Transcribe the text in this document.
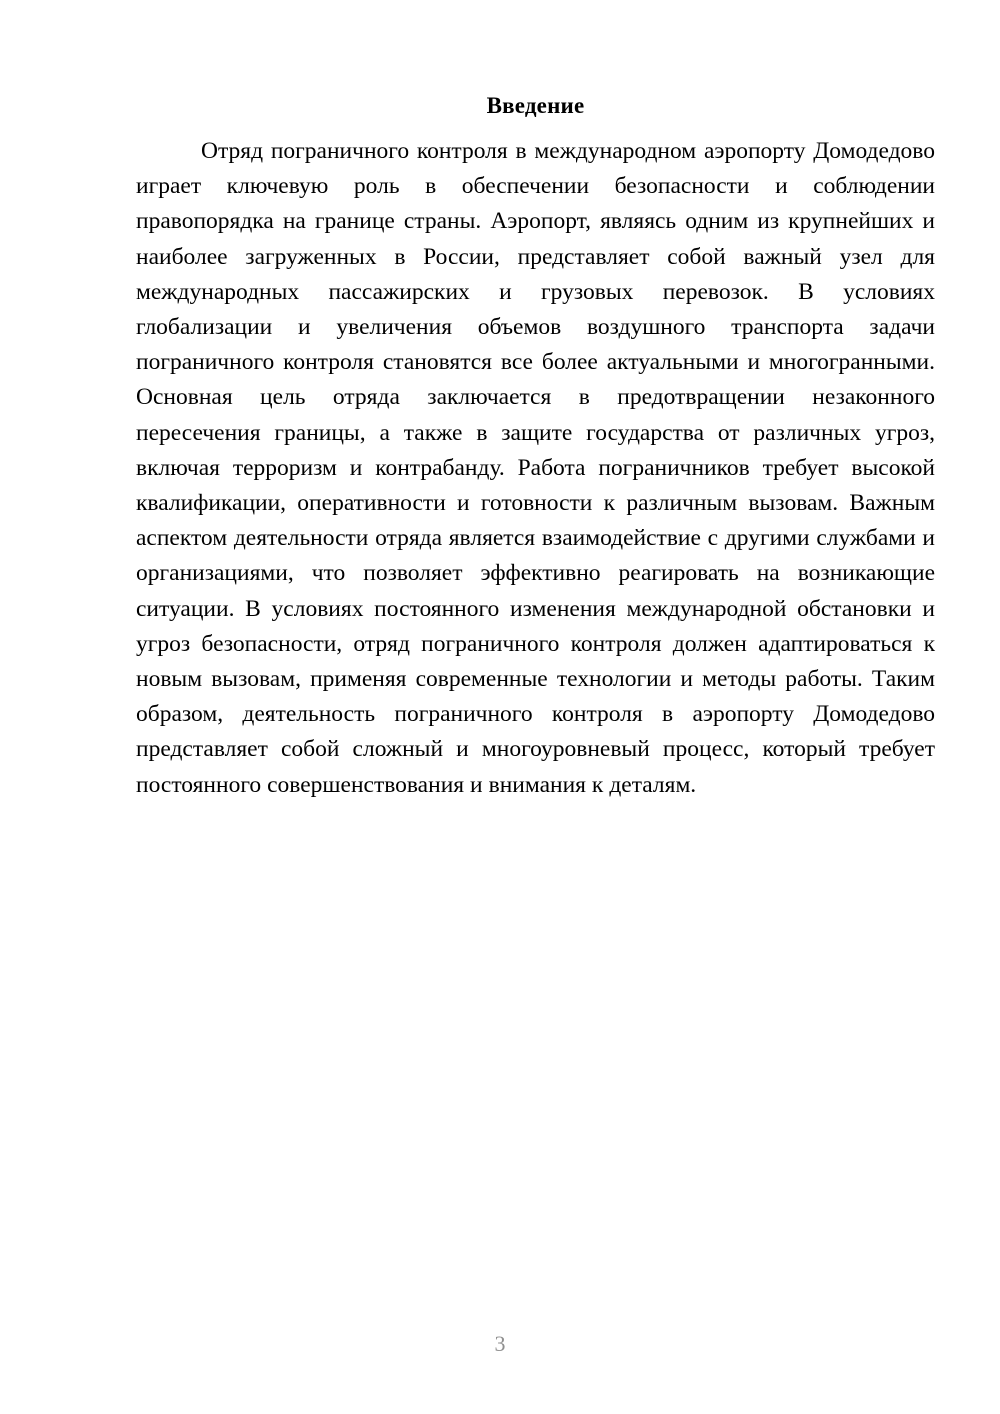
Введение

Отряд пограничного контроля в международном аэропорту Домодедово играет ключевую роль в обеспечении безопасности и соблюдении правопорядка на границе страны. Аэропорт, являясь одним из крупнейших и наиболее загруженных в России, представляет собой важный узел для международных пассажирских и грузовых перевозок. В условиях глобализации и увеличения объемов воздушного транспорта задачи пограничного контроля становятся все более актуальными и многогранными. Основная цель отряда заключается в предотвращении незаконного пересечения границы, а также в защите государства от различных угроз, включая терроризм и контрабанду. Работа пограничников требует высокой квалификации, оперативности и готовности к различным вызовам. Важным аспектом деятельности отряда является взаимодействие с другими службами и организациями, что позволяет эффективно реагировать на возникающие ситуации. В условиях постоянного изменения международной обстановки и угроз безопасности, отряд пограничного контроля должен адаптироваться к новым вызовам, применяя современные технологии и методы работы. Таким образом, деятельность пограничного контроля в аэропорту Домодедово представляет собой сложный и многоуровневый процесс, который требует постоянного совершенствования и внимания к деталям.

3
